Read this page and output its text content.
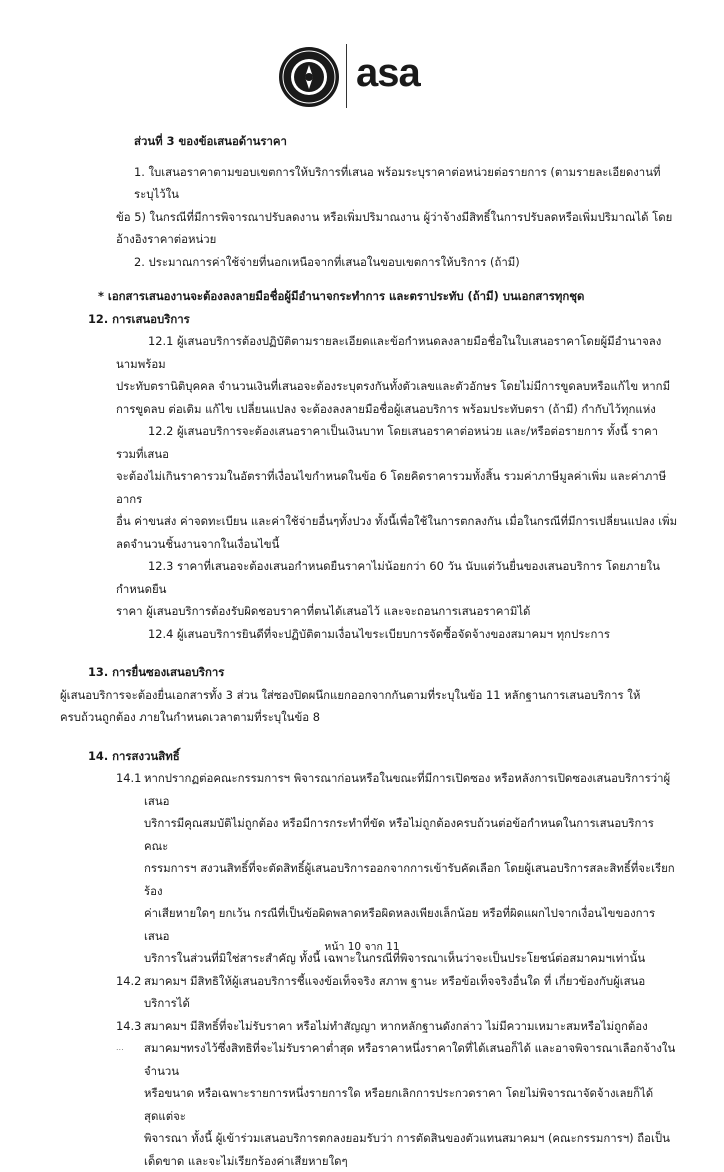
asa

ส่วนที่ 3 ของข้อเสนอด้านราคา

1. ใบเสนอราคาตามขอบเขตการให้บริการที่เสนอ พร้อมระบุราคาต่อหน่วยต่อรายการ (ตามรายละเอียดงานที่ระบุไว้ใน

ข้อ 5) ในกรณีที่มีการพิจารณาปรับลดงาน หรือเพิ่มปริมาณงาน ผู้ว่าจ้างมีสิทธิ์ในการปรับลดหรือเพิ่มปริมาณได้ โดย

อ้างอิงราคาต่อหน่วย

2. ประมาณการค่าใช้จ่ายที่นอกเหนือจากที่เสนอในขอบเขตการให้บริการ (ถ้ามี)

* เอกสารเสนองานจะต้องลงลายมือชื่อผู้มีอำนาจกระทำการ และตราประทับ (ถ้ามี) บนเอกสารทุกชุด

12. การเสนอบริการ

12.1 ผู้เสนอบริการต้องปฏิบัติตามรายละเอียดและข้อกำหนดลงลายมือชื่อในใบเสนอราคาโดยผู้มีอำนาจลงนามพร้อม

ประทับตรานิติบุคคล จำนวนเงินที่เสนอจะต้องระบุตรงกันทั้งตัวเลขและตัวอักษร โดยไม่มีการขูดลบหรือแก้ไข หากมี

การขูดลบ ต่อเติม แก้ไข เปลี่ยนแปลง จะต้องลงลายมือชื่อผู้เสนอบริการ พร้อมประทับตรา (ถ้ามี) กำกับไว้ทุกแห่ง

12.2 ผู้เสนอบริการจะต้องเสนอราคาเป็นเงินบาท โดยเสนอราคาต่อหน่วย และ/หรือต่อรายการ ทั้งนี้ ราคารวมที่เสนอ

จะต้องไม่เกินราคารวมในอัตราที่เงื่อนไขกำหนดในข้อ 6 โดยคิดราคารวมทั้งสิ้น รวมค่าภาษีมูลค่าเพิ่ม และค่าภาษีอากร

อื่น ค่าขนส่ง ค่าจดทะเบียน และค่าใช้จ่ายอื่นๆทั้งปวง ทั้งนี้เพื่อใช้ในการตกลงกัน เมื่อในกรณีที่มีการเปลี่ยนแปลง เพิ่ม

ลดจำนวนชิ้นงานจากในเงื่อนไขนี้

12.3 ราคาที่เสนอจะต้องเสนอกำหนดยืนราคาไม่น้อยกว่า 60 วัน นับแต่วันยื่นของเสนอบริการ โดยภายในกำหนดยืน

ราคา ผู้เสนอบริการต้องรับผิดชอบราคาที่ตนได้เสนอไว้ และจะถอนการเสนอราคามิได้

12.4 ผู้เสนอบริการยินดีที่จะปฏิบัติตามเงื่อนไขระเบียบการจัดซื้อจัดจ้างของสมาคมฯ ทุกประการ

13. การยื่นซองเสนอบริการ

ผู้เสนอบริการจะต้องยื่นเอกสารทั้ง 3 ส่วน ใส่ซองปิดผนึกแยกออกจากกันตามที่ระบุในข้อ 11 หลักฐานการเสนอบริการ ให้

ครบถ้วนถูกต้อง ภายในกำหนดเวลาตามที่ระบุในข้อ 8

14. การสงวนสิทธิ์

14.1 หากปรากฏต่อคณะกรรมการฯ พิจารณาก่อนหรือในขณะที่มีการเปิดซอง หรือหลังการเปิดซองเสนอบริการว่าผู้เสนอ

บริการมีคุณสมบัติไม่ถูกต้อง หรือมีการกระทำที่ขัด หรือไม่ถูกต้องครบถ้วนต่อข้อกำหนดในการเสนอบริการคณะ

กรรมการฯ สงวนสิทธิ์ที่จะตัดสิทธิ์ผู้เสนอบริการออกจากการเข้ารับคัดเลือก โดยผู้เสนอบริการสละสิทธิ์ที่จะเรียกร้อง

ค่าเสียหายใดๆ ยกเว้น กรณีที่เป็นข้อผิดพลาดหรือผิดหลงเพียงเล็กน้อย หรือที่ผิดแผกไปจากเงื่อนไขของการเสนอ

บริการในส่วนที่มิใช่สาระสำคัญ ทั้งนี้ เฉพาะในกรณีที่พิจารณาเห็นว่าจะเป็นประโยชน์ต่อสมาคมฯเท่านั้น

14.2 สมาคมฯ มีสิทธิให้ผู้เสนอบริการชี้แจงข้อเท็จจริง สภาพ ฐานะ หรือข้อเท็จจริงอื่นใด ที่ เกี่ยวข้องกับผู้เสนอบริการได้

14.3 สมาคมฯ มีสิทธิ์ที่จะไม่รับราคา หรือไม่ทำสัญญา หากหลักฐานดังกล่าว ไม่มีความเหมาะสมหรือไม่ถูกต้อง

...	สมาคมฯทรงไว้ซึ่งสิทธิที่จะไม่รับราคาต่ำสุด หรือราคาหนึ่งราคาใดที่ได้เสนอก็ได้ และอาจพิจารณาเลือกจ้างในจำนวน

หรือขนาด หรือเฉพาะรายการหนึ่งรายการใด หรือยกเลิกการประกวดราคา โดยไม่พิจารณาจัดจ้างเลยก็ได้สุดแต่จะ

พิจารณา ทั้งนี้ ผู้เข้าร่วมเสนอบริการตกลงยอมรับว่า การตัดสินของตัวแทนสมาคมฯ (คณะกรรมการฯ) ถือเป็น

เด็ดขาด และจะไม่เรียกร้องค่าเสียหายใดๆ

หน้า 10 จาก 11
